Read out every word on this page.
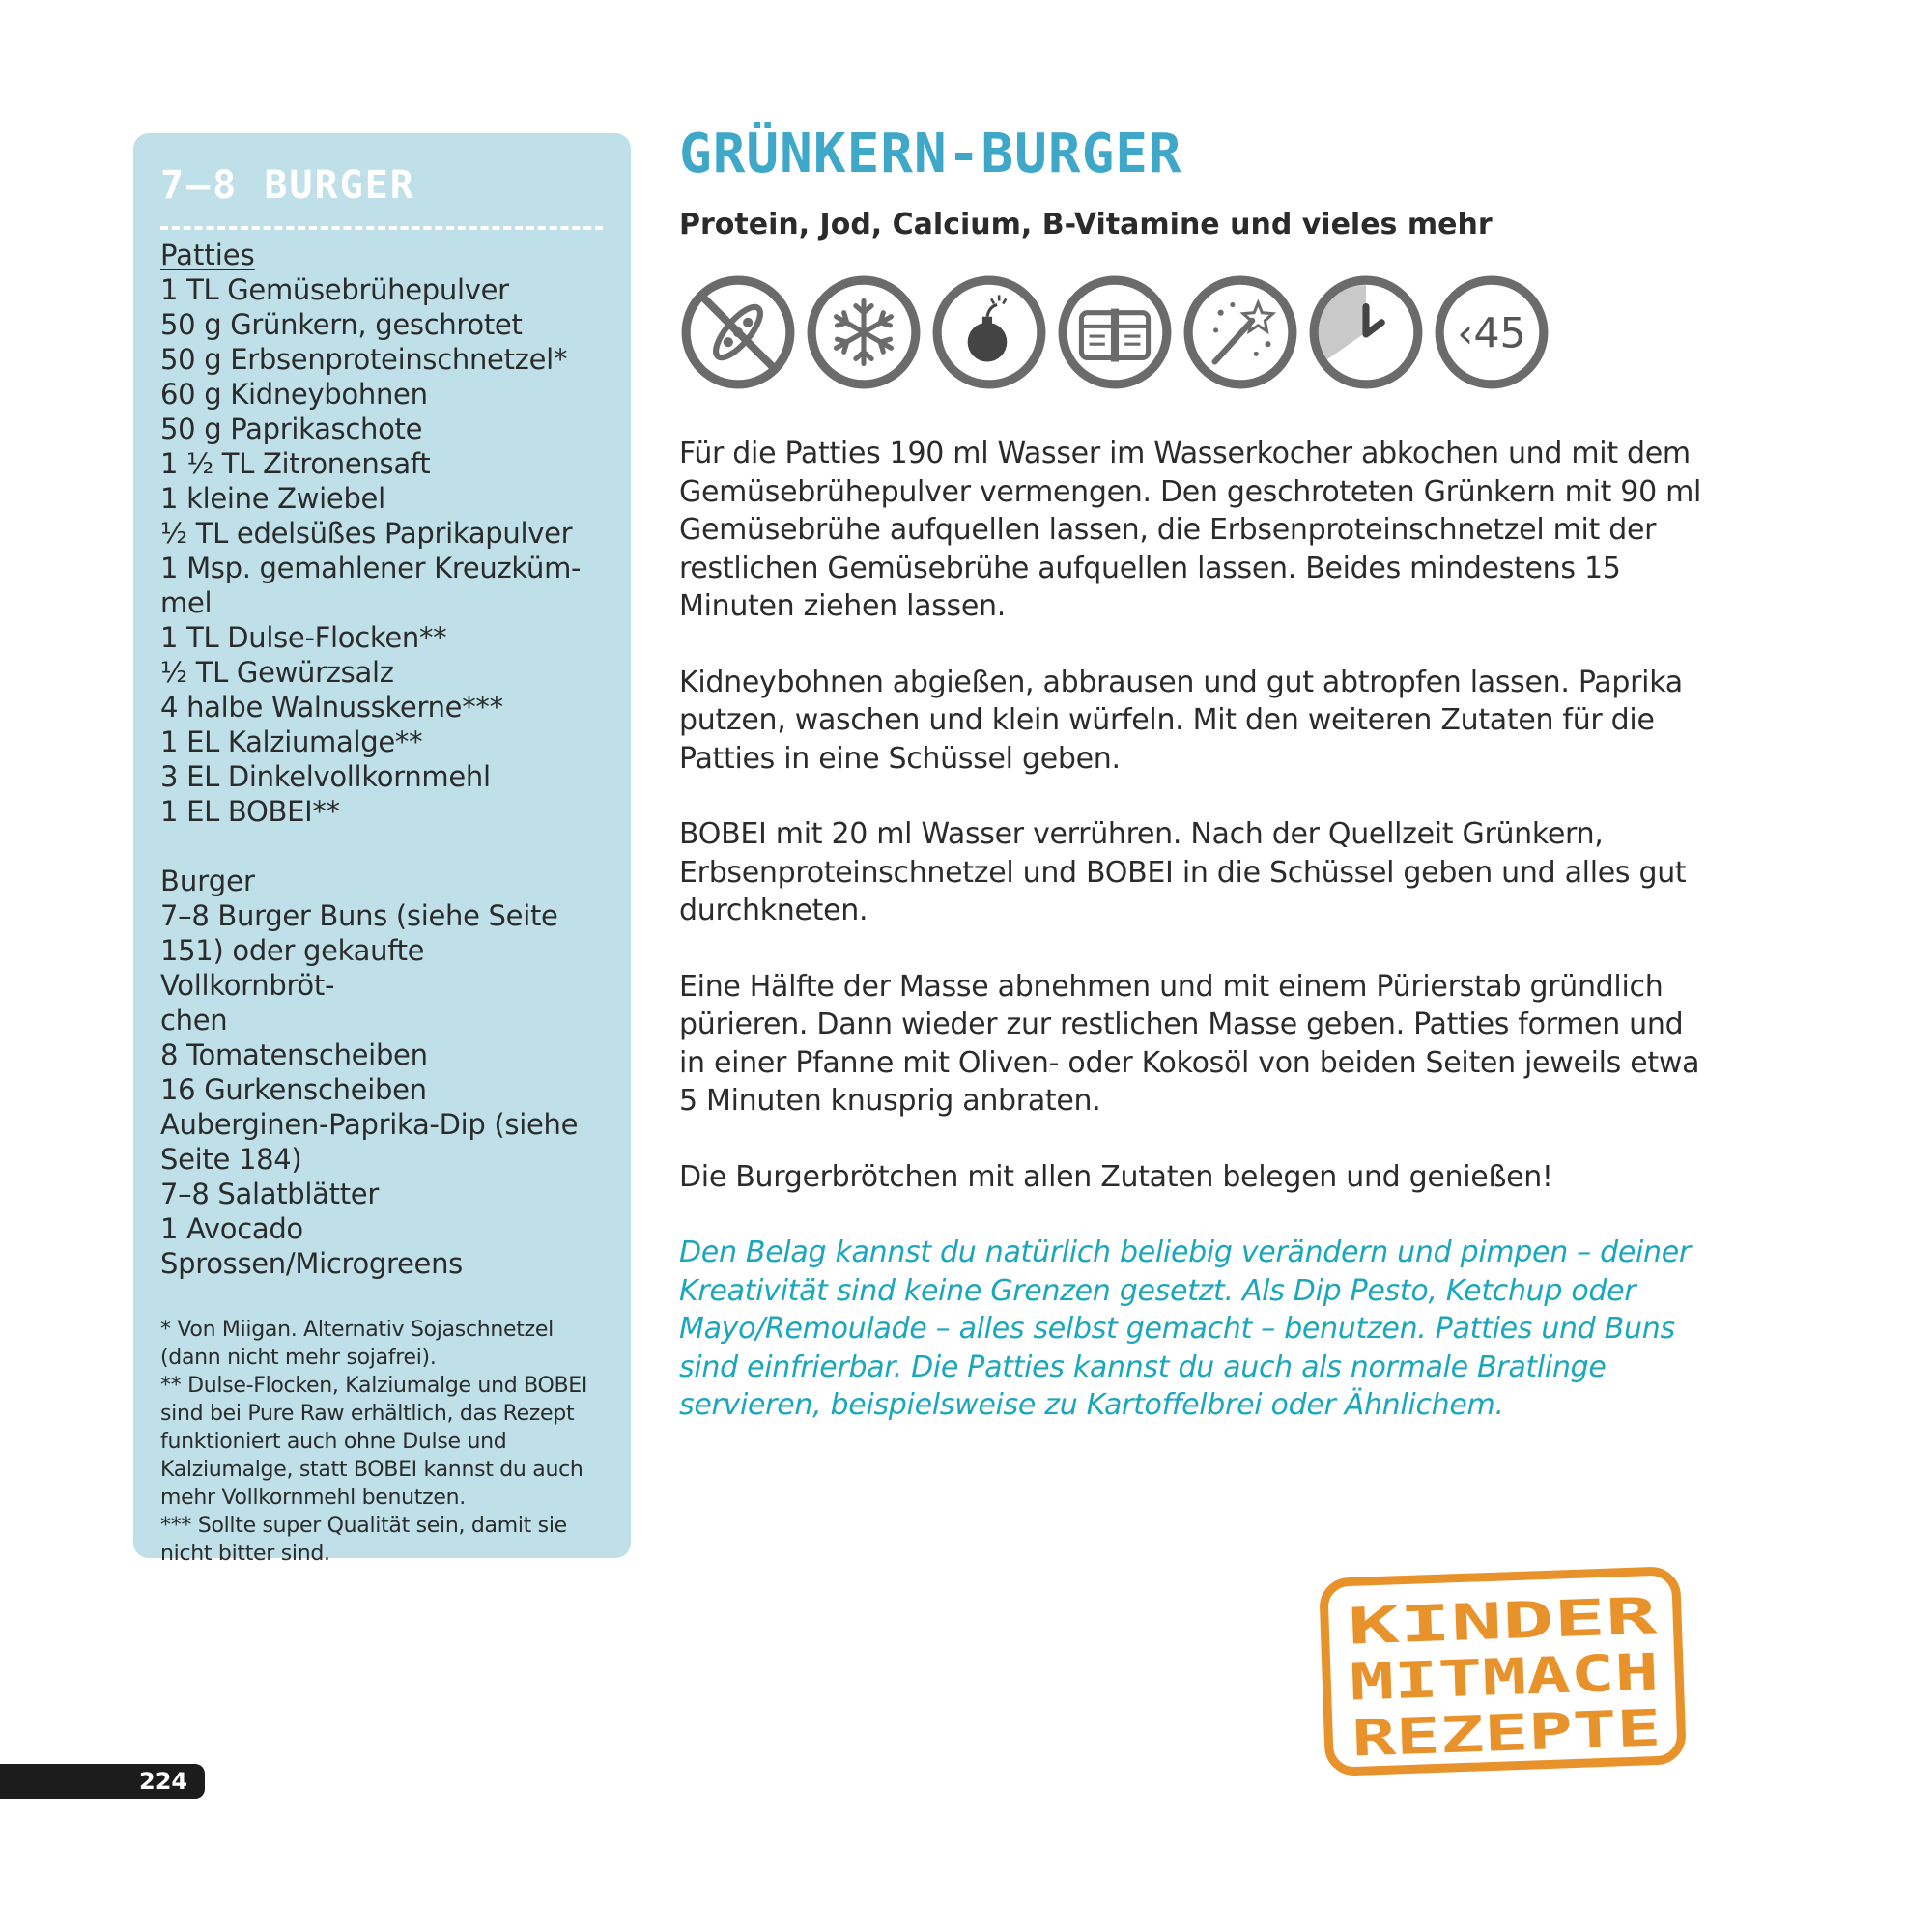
7–8 BURGER
Patties
1 TL Gemüsebrühepulver
50 g Grünkern, geschrotet
50 g Erbsenproteinschnetzel*
60 g Kidneybohnen
50 g Paprikaschote
1 ½ TL Zitronensaft
1 kleine Zwiebel
½ TL edelsüßes Paprikapulver
1 Msp. gemahlener Kreuzküm-
mel
1 TL Dulse-Flocken**
½ TL Gewürzsalz
4 halbe Walnusskerne***
1 EL Kalziumalge**
3 EL Dinkelvollkornmehl
1 EL BOBEI**
Burger
7–8 Burger Buns (siehe Seite
151) oder gekaufte Vollkornbröt-
chen
8 Tomatenscheiben
16 Gurkenscheiben
Auberginen-Paprika-Dip (siehe
Seite 184)
7–8 Salatblätter
1 Avocado
Sprossen/Microgreens

* Von Miigan. Alternativ Sojaschnetzel (dann nicht mehr sojafrei).

** Dulse-Flocken, Kalziumalge und BOBEI sind bei Pure Raw erhältlich, das Rezept funktioniert auch ohne Dulse und Kalziumalge, statt BOBEI kannst du auch mehr Vollkornmehl benutzen.

*** Sollte super Qualität sein, damit sie nicht bitter sind.

GRÜNKERN-BURGER

Protein, Jod, Calcium, B-Vitamine und vieles mehr

‹45

Für die Patties 190 ml Wasser im Wasserkocher abkochen und mit dem Gemüsebrühepulver vermengen. Den geschroteten Grünkern mit 90 ml Gemüsebrühe aufquellen lassen, die Erbsenproteinschnetzel mit der restlichen Gemüsebrühe aufquellen lassen. Beides mindestens 15 Minuten ziehen lassen.

Kidneybohnen abgießen, abbrausen und gut abtropfen lassen. Paprika putzen, waschen und klein würfeln. Mit den weiteren Zutaten für die Patties in eine Schüssel geben.

BOBEI mit 20 ml Wasser verrühren. Nach der Quellzeit Grünkern, Erbsenproteinschnetzel und BOBEI in die Schüssel geben und alles gut durchkneten.

Eine Hälfte der Masse abnehmen und mit einem Pürierstab gründlich pürieren. Dann wieder zur restlichen Masse geben. Patties formen und in einer Pfanne mit Oliven- oder Kokosöl von beiden Seiten jeweils etwa 5 Minuten knusprig anbraten.

Die Burgerbrötchen mit allen Zutaten belegen und genießen!

Den Belag kannst du natürlich beliebig verändern und pimpen – deiner Kreativität sind keine Grenzen gesetzt. Als Dip Pesto, Ketchup oder Mayo/Remoulade – alles selbst gemacht – benutzen. Patties und Buns sind einfrierbar. Die Patties kannst du auch als normale Bratlinge servieren, beispielsweise zu Kartoffelbrei oder Ähnlichem.

KINDER
MITMACH
REZEPTE
224
